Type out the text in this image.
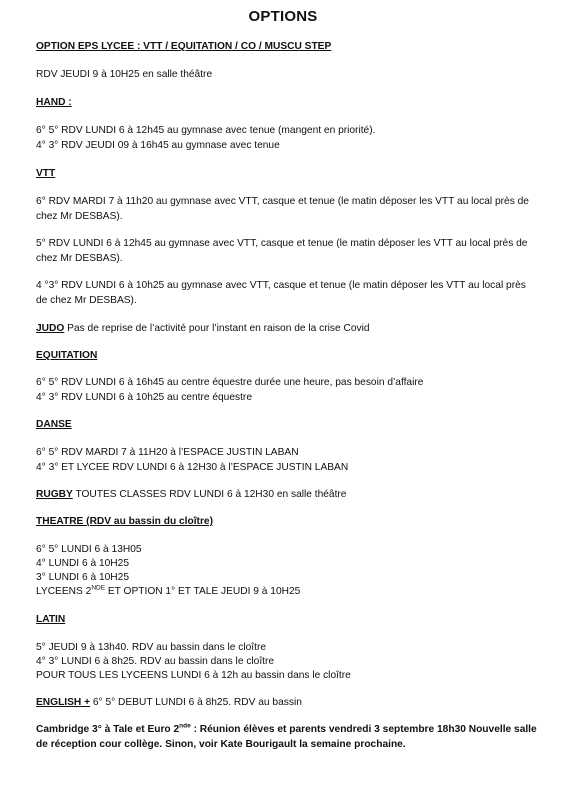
OPTIONS
OPTION EPS LYCEE : VTT / EQUITATION / CO / MUSCU STEP
RDV JEUDI 9 à 10H25 en salle théâtre
HAND :
6° 5° RDV LUNDI 6 à 12h45 au gymnase avec tenue (mangent en priorité).
4° 3° RDV JEUDI 09 à 16h45 au gymnase avec tenue
VTT
6° RDV MARDI 7 à 11h20 au gymnase avec VTT, casque et tenue (le matin déposer les VTT au local près de
chez Mr DESBAS).
5° RDV LUNDI 6 à 12h45 au gymnase avec VTT, casque et tenue (le matin déposer les VTT au local près de
chez Mr DESBAS).
4 °3° RDV LUNDI 6 à 10h25 au gymnase avec VTT, casque et tenue (le matin déposer les VTT au local près
de chez Mr DESBAS).
JUDO Pas de reprise de l’activité pour l’instant en raison de la crise Covid
EQUITATION
6° 5° RDV LUNDI 6 à 16h45 au centre équestre durée une heure, pas besoin d’affaire
4° 3° RDV LUNDI 6 à 10h25 au centre équestre
DANSE
6° 5° RDV MARDI 7 à 11H20 à l’ESPACE JUSTIN LABAN
4° 3° ET LYCEE RDV LUNDI 6 à 12H30 à l’ESPACE JUSTIN LABAN
RUGBY TOUTES CLASSES RDV LUNDI 6 à 12H30 en salle théâtre
THEATRE (RDV au bassin du cloître)
6° 5° LUNDI 6 à 13H05
4° LUNDI 6 à 10H25
3° LUNDI 6 à 10H25
LYCEENS 2NDE ET OPTION 1° ET TALE JEUDI 9 à 10H25
LATIN
5° JEUDI 9 à 13h40. RDV au bassin dans le cloître
4° 3° LUNDI 6 à 8h25. RDV au bassin dans le cloître
POUR TOUS LES LYCEENS LUNDI 6 à 12h au bassin dans le cloître
ENGLISH + 6° 5° DEBUT LUNDI 6 à 8h25. RDV au bassin
Cambridge 3° à Tale et Euro 2nde : Réunion élèves et parents vendredi 3 septembre 18h30 Nouvelle salle
de réception cour collège. Sinon, voir Kate Bourigault la semaine prochaine.
